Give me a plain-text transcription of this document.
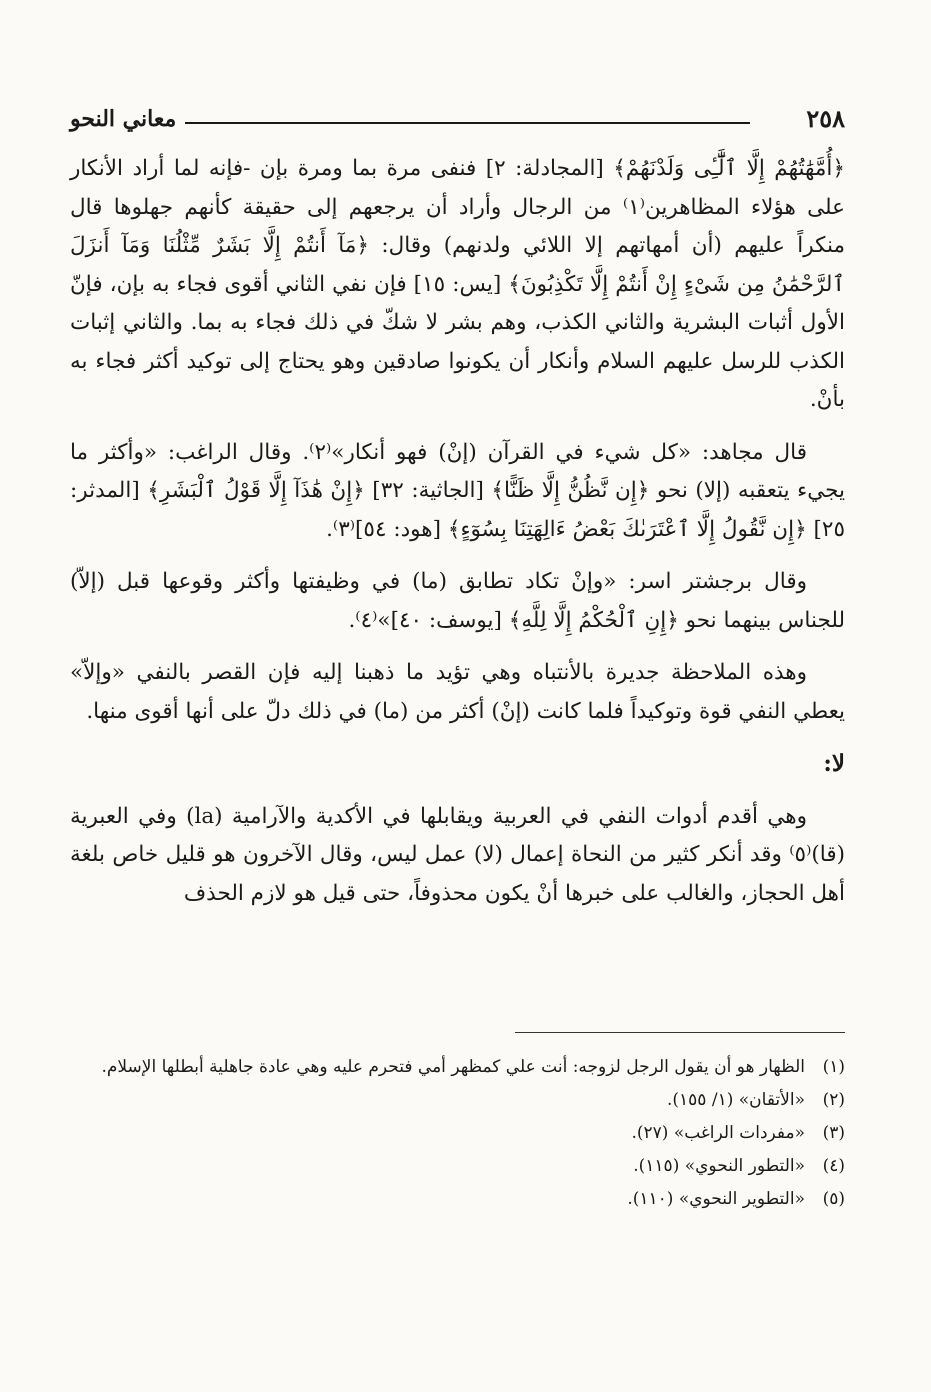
٢٥٨
معاني النحو

﴿أُمَّهَٰتُهُمْ إِلَّا ٱلَّٰٓـِٔى وَلَدْنَهُمْ﴾ [المجادلة: ٢] فنفى مرة بما ومرة بإن -فإنه لما أراد الأنكار على هؤلاء المظاهرين⁽١⁾ من الرجال وأراد أن يرجعهم إلى حقيقة كأنهم جهلوها قال منكراً عليهم (أن أمهاتهم إلا اللائي ولدنهم) وقال: ﴿مَآ أَنتُمْ إِلَّا بَشَرٌ مِّثْلُنَا وَمَآ أَنزَلَ ٱلرَّحْمَٰنُ مِن شَىْءٍ إِنْ أَنتُمْ إِلَّا تَكْذِبُونَ﴾ [يس: ١٥] فإن نفي الثاني أقوى فجاء به بإن، فإنّ الأول أثبات البشرية والثاني الكذب، وهم بشر لا شكّ في ذلك فجاء به بما. والثاني إثبات الكذب للرسل عليهم السلام وأنكار أن يكونوا صادقين وهو يحتاج إلى توكيد أكثر فجاء به بأنْ.

قال مجاهد: «كل شيء في القرآن (إنْ) فهو أنكار»⁽٢⁾. وقال الراغب: «وأكثر ما يجيء يتعقبه (إلا) نحو ﴿إِن نَّظُنُّ إِلَّا ظَنًّا﴾ [الجاثية: ٣٢] ﴿إِنْ هَٰذَآ إِلَّا قَوْلُ ٱلْبَشَرِ﴾ [المدثر: ٢٥] ﴿إِن نَّقُولُ إِلَّا ٱعْتَرَىٰكَ بَعْضُ ءَالِهَتِنَا بِسُوٓءٍ﴾ [هود: ٥٤]⁽٣⁾.

وقال برجشتر اسر: «وإنْ تكاد تطابق (ما) في وظيفتها وأكثر وقوعها قبل (إلاّ) للجناس بينهما نحو ﴿إِنِ ٱلْحُكْمُ إِلَّا لِلَّهِ﴾ [يوسف: ٤٠]»⁽٤⁾.

وهذه الملاحظة جديرة بالأنتباه وهي تؤيد ما ذهبنا إليه فإن القصر بالنفي «وإلاّ» يعطي النفي قوة وتوكيداً فلما كانت (إنْ) أكثر من (ما) في ذلك دلّ على أنها أقوى منها.

لا:

وهي أقدم أدوات النفي في العربية ويقابلها في الأكدية والآرامية (la) وفي العبرية (قا)⁽٥⁾ وقد أنكر كثير من النحاة إعمال (لا) عمل ليس، وقال الآخرون هو قليل خاص بلغة أهل الحجاز، والغالب على خبرها أنْ يكون محذوفاً، حتى قيل هو لازم الحذف

(١)
الظهار هو أن يقول الرجل لزوجه: أنت علي كمظهر أمي فتحرم عليه وهي عادة جاهلية أبطلها الإسلام.
(٢)
«الأتقان» (١/ ١٥٥).
(٣)
«مفردات الراغب» (٢٧).
(٤)
«التطور النحوي» (١١٥).
(٥)
«التطوير النحوي» (١١٠).
